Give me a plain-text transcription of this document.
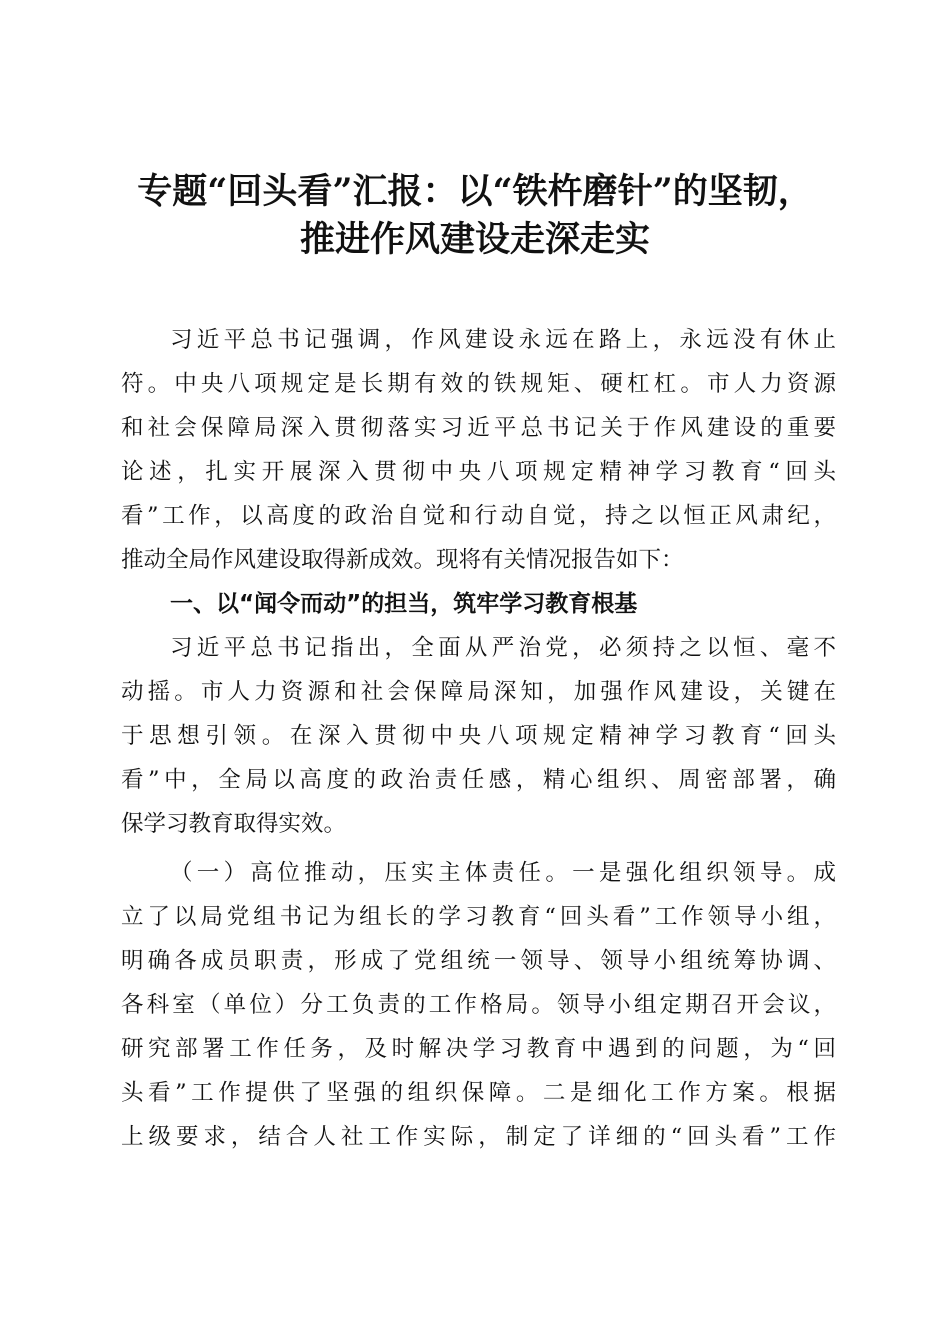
专题“回头看”汇报：以“铁杵磨针”的坚韧，
推进作风建设走深走实
习近平总书记强调，作风建设永远在路上，永远没有休止
符。中央八项规定是长期有效的铁规矩、硬杠杠。市人力资源
和社会保障局深入贯彻落实习近平总书记关于作风建设的重要
论述，扎实开展深入贯彻中央八项规定精神学习教育“回头
看”工作，以高度的政治自觉和行动自觉，持之以恒正风肃纪，
推动全局作风建设取得新成效。现将有关情况报告如下：
一、以“闻令而动”的担当，筑牢学习教育根基
习近平总书记指出，全面从严治党，必须持之以恒、毫不
动摇。市人力资源和社会保障局深知，加强作风建设，关键在
于思想引领。在深入贯彻中央八项规定精神学习教育“回头
看”中，全局以高度的政治责任感，精心组织、周密部署，确
保学习教育取得实效。
（一）高位推动，压实主体责任。一是强化组织领导。成
立了以局党组书记为组长的学习教育“回头看”工作领导小组，
明确各成员职责，形成了党组统一领导、领导小组统筹协调、
各科室（单位）分工负责的工作格局。领导小组定期召开会议，
研究部署工作任务，及时解决学习教育中遇到的问题，为“回
头看”工作提供了坚强的组织保障。二是细化工作方案。根据
上级要求，结合人社工作实际，制定了详细的“回头看”工作
